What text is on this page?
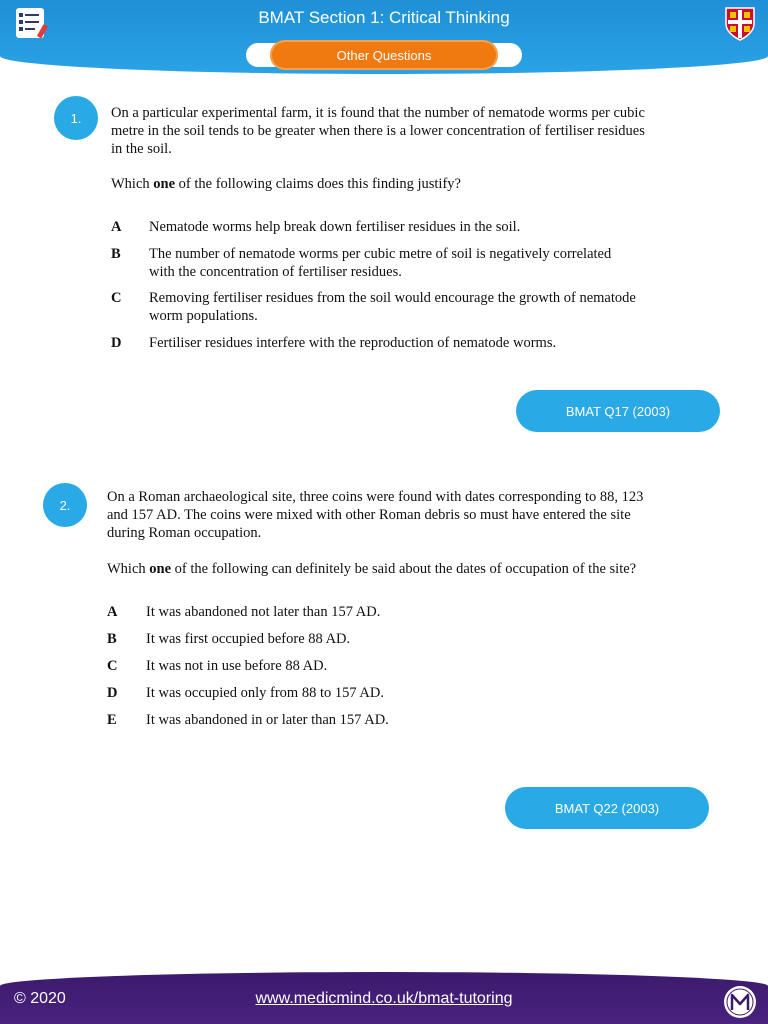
BMAT Section 1: Critical Thinking
Other Questions
1.	On a particular experimental farm, it is found that the number of nematode worms per cubic
metre in the soil tends to be greater when there is a lower concentration of fertiliser residues
in the soil.
Which one of the following claims does this finding justify?
A Nematode worms help break down fertiliser residues in the soil.
B The number of nematode worms per cubic metre of soil is negatively correlated
with the concentration of fertiliser residues.
C Removing fertiliser residues from the soil would encourage the growth of nematode
worm populations.
D Fertiliser residues interfere with the reproduction of nematode worms.
BMAT Q17 (2003)
2.	On a Roman archaeological site, three coins were found with dates corresponding to 88, 123
and 157 AD. The coins were mixed with other Roman debris so must have entered the site
during Roman occupation.
Which one of the following can definitely be said about the dates of occupation of the site?
A It was abandoned not later than 157 AD.
B It was first occupied before 88 AD.
C It was not in use before 88 AD.
D It was occupied only from 88 to 157 AD.
E It was abandoned in or later than 157 AD.
BMAT Q22 (2003)
© 2020	www.medicmind.co.uk/bmat-tutoring
